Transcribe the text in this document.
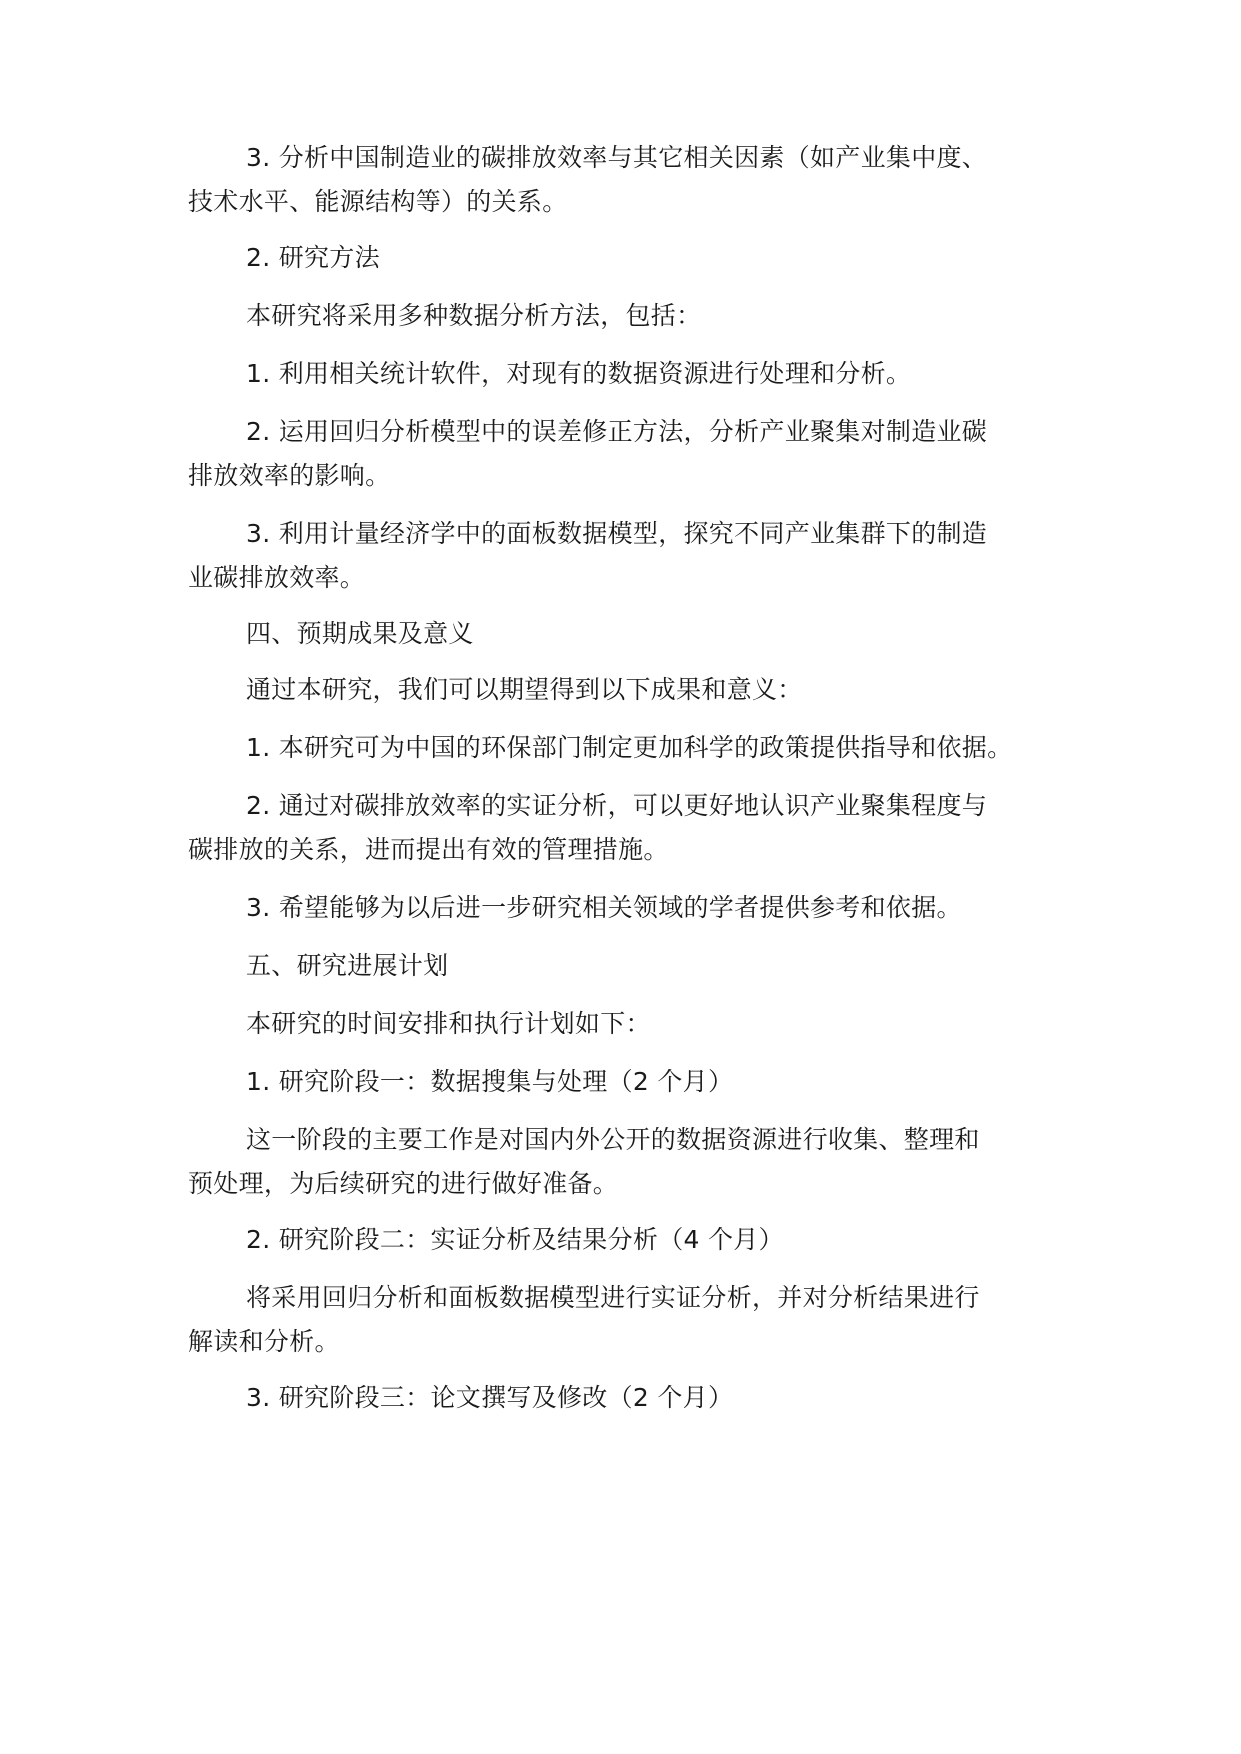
3. 分析中国制造业的碳排放效率与其它相关因素（如产业集中度、
技术水平、能源结构等）的关系。
2. 研究方法
本研究将采用多种数据分析方法，包括：
1. 利用相关统计软件，对现有的数据资源进行处理和分析。
2. 运用回归分析模型中的误差修正方法，分析产业聚集对制造业碳
排放效率的影响。
3. 利用计量经济学中的面板数据模型，探究不同产业集群下的制造
业碳排放效率。
四、预期成果及意义
通过本研究，我们可以期望得到以下成果和意义：
1. 本研究可为中国的环保部门制定更加科学的政策提供指导和依据。
2. 通过对碳排放效率的实证分析，可以更好地认识产业聚集程度与
碳排放的关系，进而提出有效的管理措施。
3. 希望能够为以后进一步研究相关领域的学者提供参考和依据。
五、研究进展计划
本研究的时间安排和执行计划如下：
1. 研究阶段一：数据搜集与处理（2 个月）
这一阶段的主要工作是对国内外公开的数据资源进行收集、整理和
预处理，为后续研究的进行做好准备。
2. 研究阶段二：实证分析及结果分析（4 个月）
将采用回归分析和面板数据模型进行实证分析，并对分析结果进行
解读和分析。
3. 研究阶段三：论文撰写及修改（2 个月）
